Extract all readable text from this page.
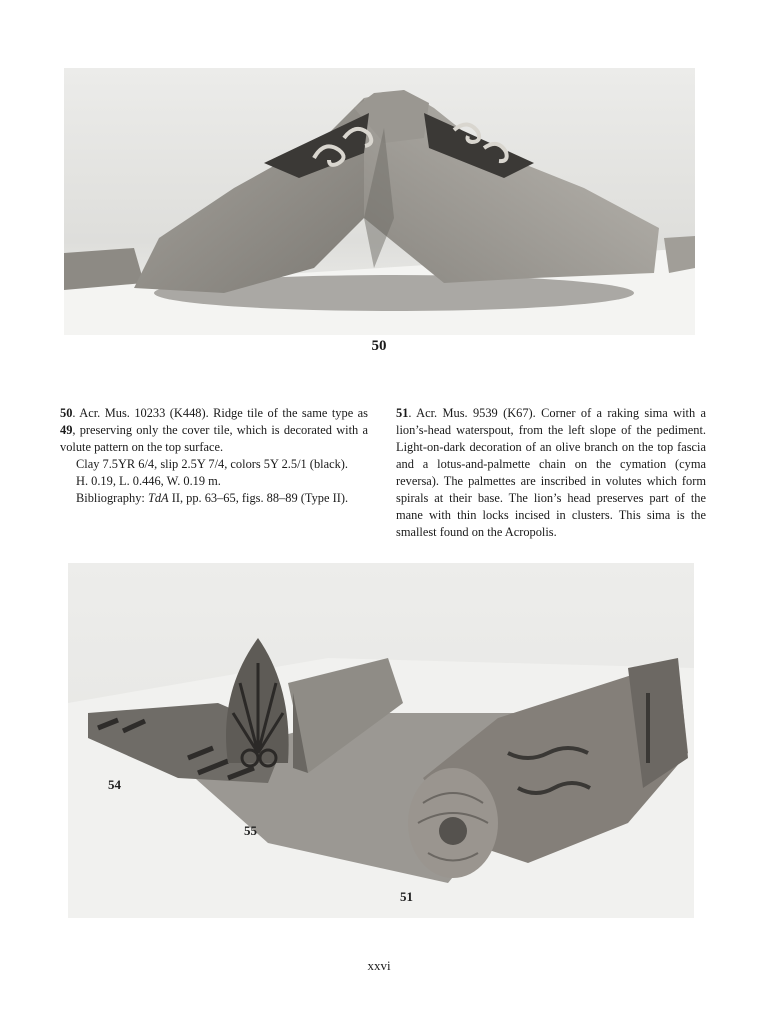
50

50. Acr. Mus. 10233 (K448). Ridge tile of the same type as 49, preserving only the cover tile, which is decorated with a volute pattern on the top surface.

Clay 7.5YR 6/4, slip 2.5Y 7/4, colors 5Y 2.5/1 (black).

H. 0.19, L. 0.446, W. 0.19 m.

Bibliography: TdA II, pp. 63–65, figs. 88–89 (Type II).

51. Acr. Mus. 9539 (K67). Corner of a raking sima with a lion’s-head waterspout, from the left slope of the pediment. Light-on-dark decoration of an olive branch on the top fascia and a lotus-and-palmette chain on the cymation (cyma reversa). The palmettes are inscribed in volutes which form spirals at their base. The lion’s head preserves part of the mane with thin locks incised in clusters. This sima is the smallest found on the Acropolis.

54
55
51
xxvi
